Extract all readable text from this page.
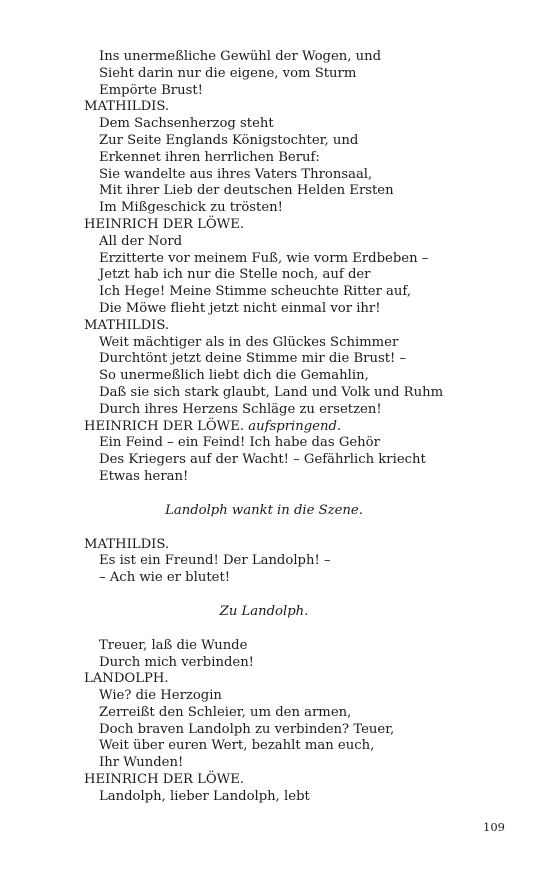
Ins unermeßliche Gewühl der Wogen, und
Sieht darin nur die eigene, vom Sturm
Empörte Brust!
MATHILDIS.
Dem Sachsenherzog steht
Zur Seite Englands Königstochter, und
Erkennet ihren herrlichen Beruf:
Sie wandelte aus ihres Vaters Thronsaal,
Mit ihrer Lieb der deutschen Helden Ersten
Im Mißgeschick zu trösten!
HEINRICH DER LÖWE.
All der Nord
Erzitterte vor meinem Fuß, wie vorm Erdbeben –
Jetzt hab ich nur die Stelle noch, auf der
Ich Hege! Meine Stimme scheuchte Ritter auf,
Die Möwe flieht jetzt nicht einmal vor ihr!
MATHILDIS.
Weit mächtiger als in des Glückes Schimmer
Durchtönt jetzt deine Stimme mir die Brust! –
So unermeßlich liebt dich die Gemahlin,
Daß sie sich stark glaubt, Land und Volk und Ruhm
Durch ihres Herzens Schläge zu ersetzen!
HEINRICH DER LÖWE. aufspringend.
Ein Feind – ein Feind! Ich habe das Gehör
Des Kriegers auf der Wacht! – Gefährlich kriecht
Etwas heran!
Landolph wankt in die Szene.
MATHILDIS.
Es ist ein Freund! Der Landolph! –
– Ach wie er blutet!
Zu Landolph.
Treuer, laß die Wunde
Durch mich verbinden!
LANDOLPH.
Wie? die Herzogin
Zerreißt den Schleier, um den armen,
Doch braven Landolph zu verbinden? Teuer,
Weit über euren Wert, bezahlt man euch,
Ihr Wunden!
HEINRICH DER LÖWE.
Landolph, lieber Landolph, lebt
109
